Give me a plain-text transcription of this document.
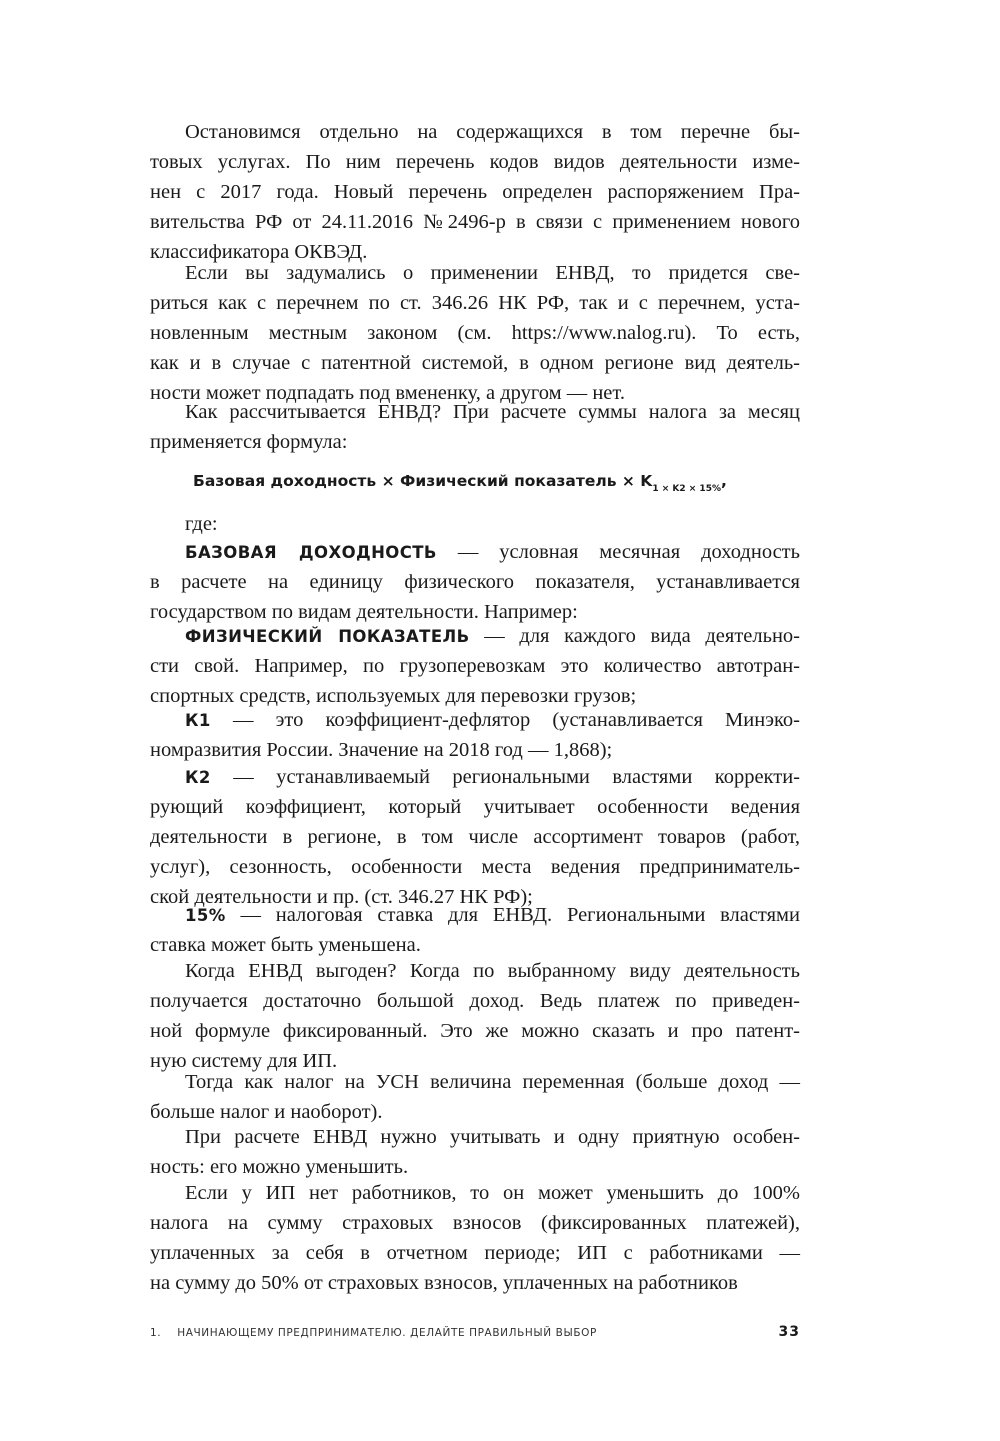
Остановимся отдельно на содержащихся в том перечне бы-
товых услугах. По ним перечень кодов видов деятельности изме-
нен с 2017 года. Новый перечень определен распоряжением Пра-
вительства РФ от 24.11.2016 №2496-р в связи с применением нового
классификатора ОКВЭД.
Если вы задумались о применении ЕНВД, то придется све-
риться как с перечнем по ст. 346.26 НК РФ, так и с перечнем, уста-
новленным местным законом (см. https://www.nalog.ru). То есть,
как и в случае с патентной системой, в одном регионе вид деятель-
ности может подпадать под вмененку, а другом — нет.
Как рассчитывается ЕНВД? При расчете суммы налога за месяц
применяется формула:
Базовая доходность × Физический показатель × $K_{1 \times K2 \times 15\%}$,
где:
БАЗОВАЯ ДОХОДНОСТЬ — условная месячная доходность
в расчете на единицу физического показателя, устанавливается
государством по видам деятельности. Например:
ФИЗИЧЕСКИЙ ПОКАЗАТЕЛЬ — для каждого вида деятельно-
сти свой. Например, по грузоперевозкам это количество автотран-
спортных средств, используемых для перевозки грузов;
К1 — это коэффициент-дефлятор (устанавливается Минэко-
номразвития России. Значение на 2018 год — 1,868);
К2 — устанавливаемый региональными властями корректи-
рующий коэффициент, который учитывает особенности ведения
деятельности в регионе, в том числе ассортимент товаров (работ,
услуг), сезонность, особенности места ведения предприниматель-
ской деятельности и пр. (ст. 346.27 НК РФ);
15% — налоговая ставка для ЕНВД. Региональными властями
ставка может быть уменьшена.
Когда ЕНВД выгоден? Когда по выбранному виду деятельность
получается достаточно большой доход. Ведь платеж по приведен-
ной формуле фиксированный. Это же можно сказать и про патент-
ную систему для ИП.
Тогда как налог на УСН величина переменная (больше доход —
больше налог и наоборот).
При расчете ЕНВД нужно учитывать и одну приятную особен-
ность: его можно уменьшить.
Если у ИП нет работников, то он может уменьшить до 100%
налога на сумму страховых взносов (фиксированных платежей),
уплаченных за себя в отчетном периоде; ИП с работниками —
на сумму до 50% от страховых взносов, уплаченных на работников
1. НАЧИНАЮЩЕМУ ПРЕДПРИНИМАТЕЛЮ. ДЕЛАЙТЕ ПРАВИЛЬНЫЙ ВЫБОР	33
